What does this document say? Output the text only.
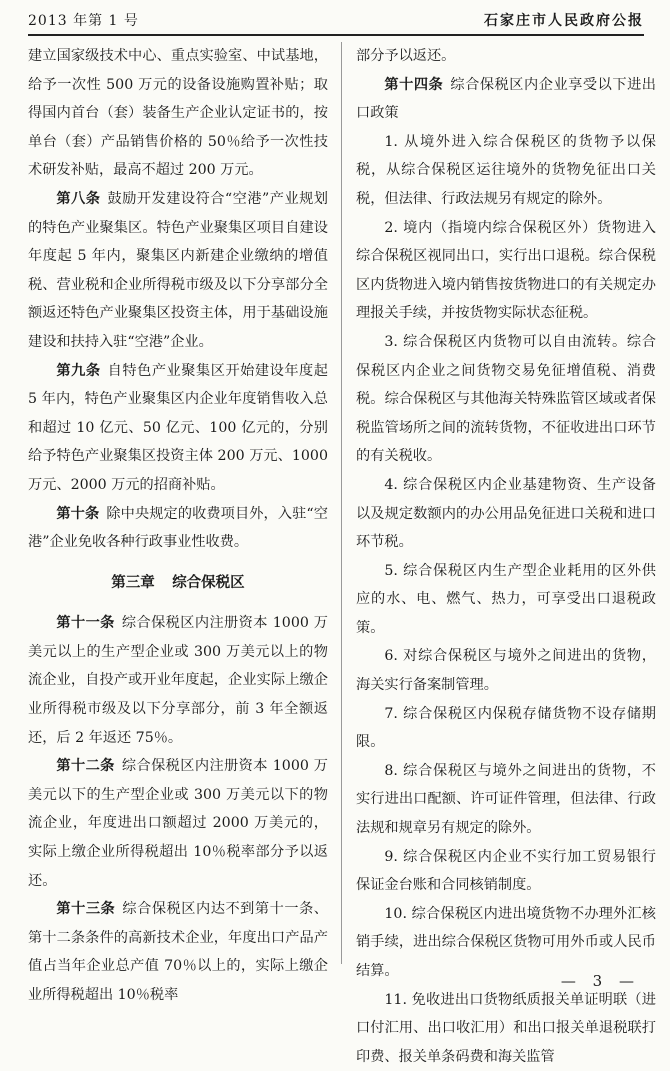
2013 年第 1 号	石家庄市人民政府公报

建立国家级技术中心、重点实验室、中试基地，给予一次性 500 万元的设备设施购置补贴；取得国内首台（套）装备生产企业认定证书的，按单台（套）产品销售价格的 50％给予一次性技术研发补贴，最高不超过 200 万元。

第八条 鼓励开发建设符合“空港”产业规划的特色产业聚集区。特色产业聚集区项目自建设年度起 5 年内，聚集区内新建企业缴纳的增值税、营业税和企业所得税市级及以下分享部分全额返还特色产业聚集区投资主体，用于基础设施建设和扶持入驻“空港”企业。

第九条 自特色产业聚集区开始建设年度起 5 年内，特色产业聚集区内企业年度销售收入总和超过 10 亿元、50 亿元、100 亿元的，分别给予特色产业聚集区投资主体 200 万元、1000 万元、2000 万元的招商补贴。

第十条 除中央规定的收费项目外，入驻“空港”企业免收各种行政事业性收费。

第三章 综合保税区

第十一条 综合保税区内注册资本 1000 万美元以上的生产型企业或 300 万美元以上的物流企业，自投产或开业年度起，企业实际上缴企业所得税市级及以下分享部分，前 3 年全额返还，后 2 年返还 75％。

第十二条 综合保税区内注册资本 1000 万美元以下的生产型企业或 300 万美元以下的物流企业，年度进出口额超过 2000 万美元的，实际上缴企业所得税超出 10％税率部分予以返还。

第十三条 综合保税区内达不到第十一条、第十二条条件的高新技术企业，年度出口产品产值占当年企业总产值 70％以上的，实际上缴企业所得税超出 10％税率

部分予以返还。

第十四条 综合保税区内企业享受以下进出口政策

1. 从境外进入综合保税区的货物予以保税，从综合保税区运往境外的货物免征出口关税，但法律、行政法规另有规定的除外。

2. 境内（指境内综合保税区外）货物进入综合保税区视同出口，实行出口退税。综合保税区内货物进入境内销售按货物进口的有关规定办理报关手续，并按货物实际状态征税。

3. 综合保税区内货物可以自由流转。综合保税区内企业之间货物交易免征增值税、消费税。综合保税区与其他海关特殊监管区域或者保税监管场所之间的流转货物，不征收进出口环节的有关税收。

4. 综合保税区内企业基建物资、生产设备以及规定数额内的办公用品免征进口关税和进口环节税。

5. 综合保税区内生产型企业耗用的区外供应的水、电、燃气、热力，可享受出口退税政策。

6. 对综合保税区与境外之间进出的货物，海关实行备案制管理。

7. 综合保税区内保税存储货物不设存储期限。

8. 综合保税区与境外之间进出的货物，不实行进出口配额、许可证件管理，但法律、行政法规和规章另有规定的除外。

9. 综合保税区内企业不实行加工贸易银行保证金台账和合同核销制度。

10. 综合保税区内进出境货物不办理外汇核销手续，进出综合保税区货物可用外币或人民币结算。

11. 免收进出口货物纸质报关单证明联（进口付汇用、出口收汇用）和出口报关单退税联打印费、报关单条码费和海关监管

— 3 —
